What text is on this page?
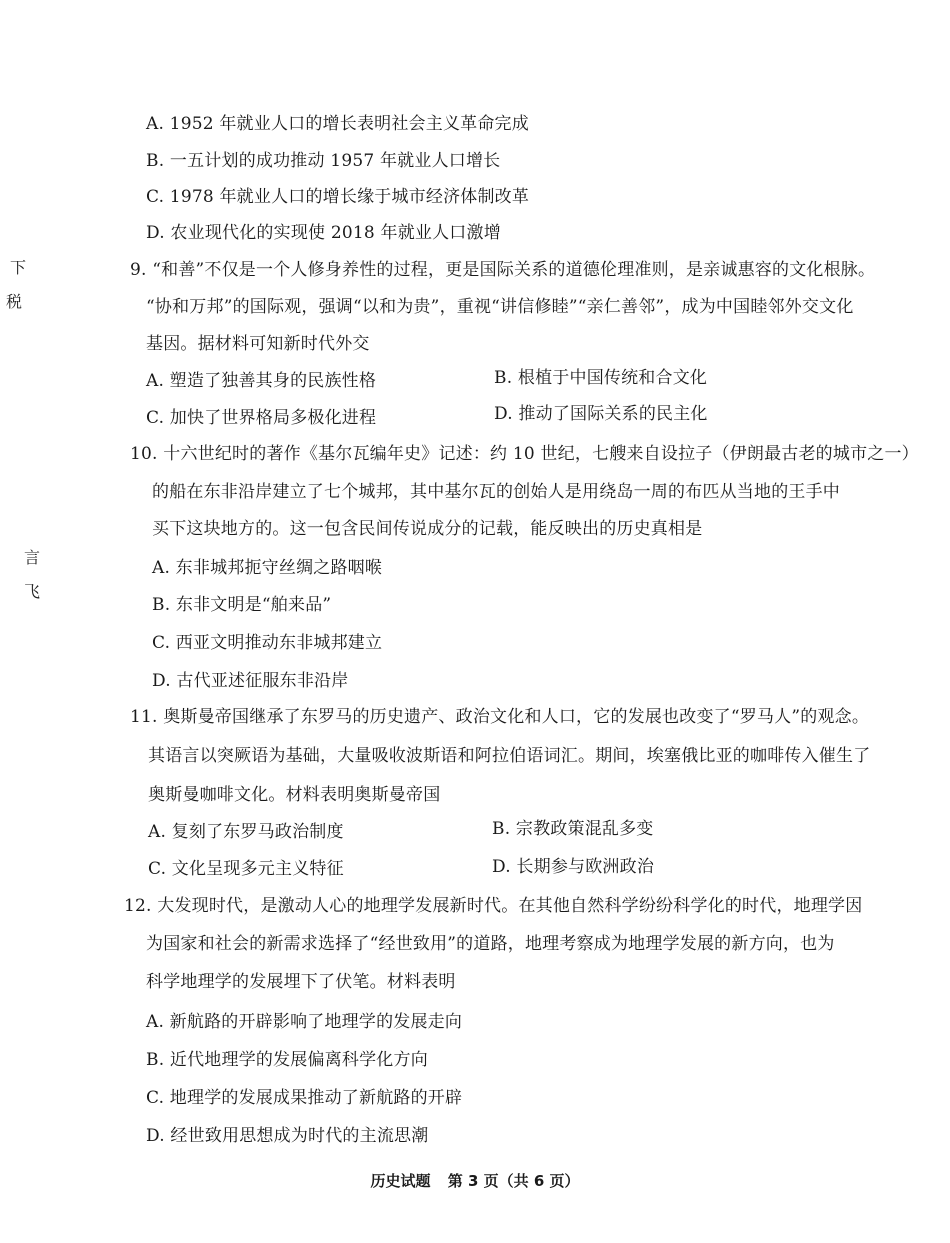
下
税
言
飞
A. 1952 年就业人口的增长表明社会主义革命完成
B. 一五计划的成功推动 1957 年就业人口增长
C. 1978 年就业人口的增长缘于城市经济体制改革
D. 农业现代化的实现使 2018 年就业人口激增
9. “和善”不仅是一个人修身养性的过程，更是国际关系的道德伦理准则，是亲诚惠容的文化根脉。
“协和万邦”的国际观，强调“以和为贵”，重视“讲信修睦”“亲仁善邻”，成为中国睦邻外交文化
基因。据材料可知新时代外交
A. 塑造了独善其身的民族性格	B. 根植于中国传统和合文化
C. 加快了世界格局多极化进程	D. 推动了国际关系的民主化
10. 十六世纪时的著作《基尔瓦编年史》记述：约 10 世纪，七艘来自设拉子（伊朗最古老的城市之一）
的船在东非沿岸建立了七个城邦，其中基尔瓦的创始人是用绕岛一周的布匹从当地的王手中
买下这块地方的。这一包含民间传说成分的记载，能反映出的历史真相是
A. 东非城邦扼守丝绸之路咽喉
B. 东非文明是“舶来品”
C. 西亚文明推动东非城邦建立
D. 古代亚述征服东非沿岸
11. 奥斯曼帝国继承了东罗马的历史遗产、政治文化和人口，它的发展也改变了“罗马人”的观念。
其语言以突厥语为基础，大量吸收波斯语和阿拉伯语词汇。期间，埃塞俄比亚的咖啡传入催生了
奥斯曼咖啡文化。材料表明奥斯曼帝国
A. 复刻了东罗马政治制度	B. 宗教政策混乱多变
C. 文化呈现多元主义特征	D. 长期参与欧洲政治
12. 大发现时代，是激动人心的地理学发展新时代。在其他自然科学纷纷科学化的时代，地理学因
为国家和社会的新需求选择了“经世致用”的道路，地理考察成为地理学发展的新方向，也为
科学地理学的发展埋下了伏笔。材料表明
A. 新航路的开辟影响了地理学的发展走向
B. 近代地理学的发展偏离科学化方向
C. 地理学的发展成果推动了新航路的开辟
D. 经世致用思想成为时代的主流思潮
历史试题 第 3 页（共 6 页）
